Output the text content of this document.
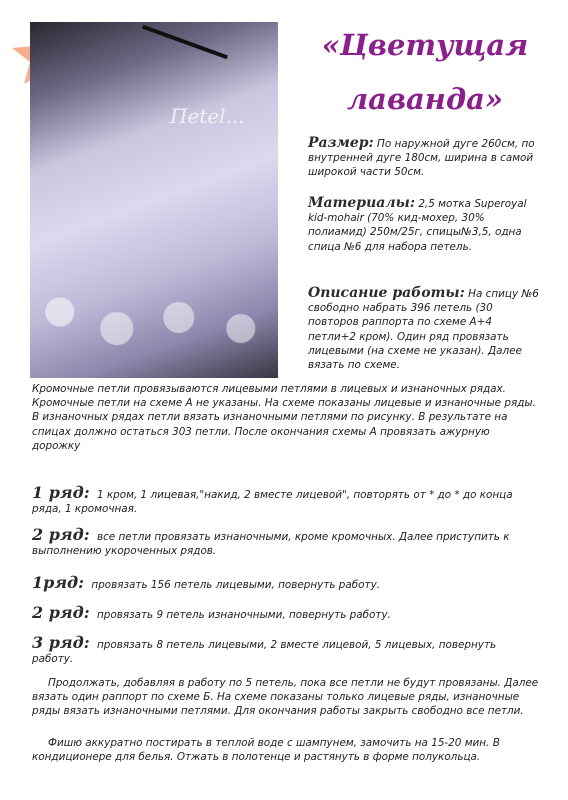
Пеtel...
«Цветущая лаванда»
Размер: По наружной дуге 260см, по внутренней дуге 180см, ширина в самой широкой части 50см.
Материалы: 2,5 мотка Superoyal kid-mohair (70% кид-мохер, 30% полиамид) 250м/25г, спицы№3,5, одна спица №6 для набора петель.
Описание работы: На спицу №6 свободно набрать 396 петель (30 повторов раппорта по схеме А+4 петли+2 кром). Один ряд провязать лицевыми (на схеме не указан). Далее вязать по схеме.

Кромочные петли провязываются лицевыми петлями в лицевых и изнаночных рядах. Кромочные петли на схеме А не указаны. На схеме показаны лицевые и изнаночные ряды. В изнаночных рядах петли вязать изнаночными петлями по рисунку. В результате на спицах должно остаться 303 петли. После окончания схемы А провязать ажурную дорожку

1 ряд: 1 кром, 1 лицевая,"накид, 2 вместе лицевой", повторять от * до * до конца ряда, 1 кромочная.
2 ряд: все петли провязать изнаночными, кроме кромочных. Далее приступить к выполнению укороченных рядов.
1ряд: провязать 156 петель лицевыми, повернуть работу.
2 ряд: провязать 9 петель изнаночными, повернуть работу.
3 ряд: провязать 8 петель лицевыми, 2 вместе лицевой, 5 лицевых, повернуть работу.

Продолжать, добавляя в работу по 5 петель, пока все петли не будут провязаны. Далее вязать один раппорт по схеме Б. На схеме показаны только лицевые ряды, изнаночные ряды вязать изнаночными петлями. Для окончания работы закрыть свободно все петли.

Фишю аккуратно постирать в теплой воде с шампунем, замочить на 15-20 мин. В кондиционере для белья. Отжать в полотенце и растянуть в форме полукольца.
